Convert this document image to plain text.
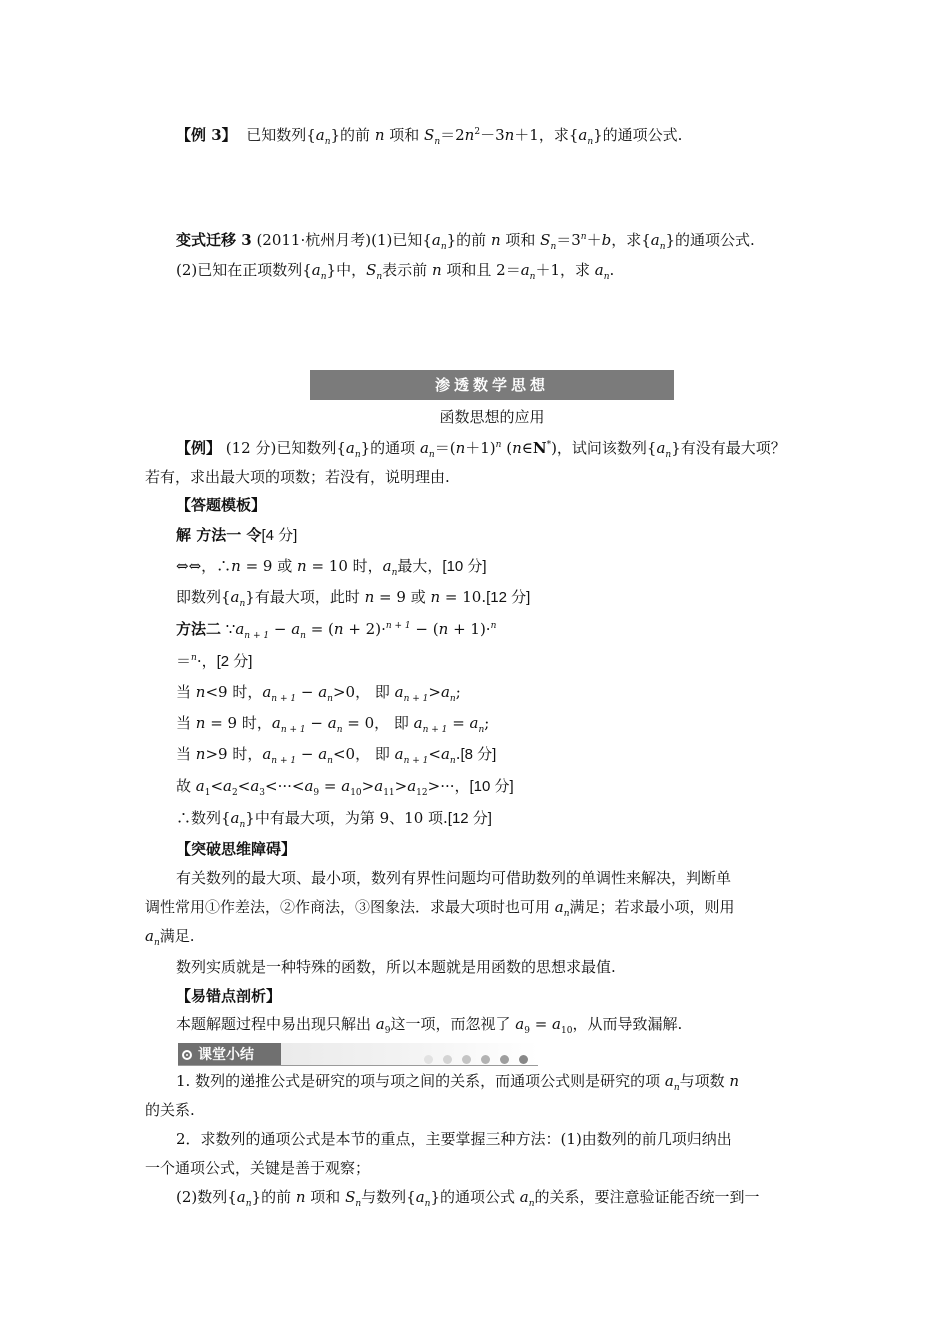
【例 3】 已知数列$\{a_n\}$的前 n 项和 $S_n=2n^2-3n+1$，求$\{a_n\}$的通项公式.
变式迁移 3 (2011·杭州月考)(1)已知$\{a_n\}$的前 n 项和 $S_n=3^n+b$，求$\{a_n\}$的通项公式.
(2)已知在正项数列$\{a_n\}$中，$S_n$表示前 n 项和且 $2=a_n+1$，求 $a_n$.
渗透数学思想
函数思想的应用
【例】 (12 分)已知数列$\{a_n\}$的通项 $a_n=(n+1)^n$ (n∈N*)，试问该数列$\{a_n\}$有没有最大项？
若有，求出最大项的项数；若没有，说明理由.
【答题模板】
解 方法一 令[4 分]
⇔⇔，∴n = 9 或 n = 10 时，$a_n$最大，[10 分]
即数列$\{a_n\}$有最大项，此时 n = 9 或 n = 10.[12 分]
方法二 $\because a_{n + 1} - a_n = (n + 2)\cdot^{n + 1} - (n + 1)\cdot^n$
＝$^n$·，[2 分]
当 n<9 时，$a_{n + 1} - a_n>0$， 即 $a_{n + 1}>a_n$;
当 n = 9 时，$a_{n + 1} - a_n = 0$， 即 $a_{n + 1} = a_n$;
当 n>9 时，$a_{n + 1} - a_n<0$， 即 $a_{n + 1}<a_n.[8$ 分]
故 $a_1<a_2<a_3<\cdot\cdot\cdot<a_9 = a_{10}>a_{11}>a_{12}>\cdot\cdot\cdot$，[10 分]
∴数列$\{a_n\}$中有最大项，为第 9、10 项.[12 分]
【突破思维障碍】
有关数列的最大项、最小项，数列有界性问题均可借助数列的单调性来解决，判断单
调性常用①作差法，②作商法，③图象法．求最大项时也可用 $a_n$满足；若求最小项，则用
$a_n$满足.
数列实质就是一种特殊的函数，所以本题就是用函数的思想求最值.
【易错点剖析】
本题解题过程中易出现只解出 $a_9$这一项，而忽视了 $a_9 = a_{10}$，从而导致漏解.
课堂小结
1. 数列的递推公式是研究的项与项之间的关系，而通项公式则是研究的项 $a_n$与项数 n
的关系.
2．求数列的通项公式是本节的重点，主要掌握三种方法：(1)由数列的前几项归纳出
一个通项公式，关键是善于观察；
(2)数列$\{a_n\}$的前 n 项和 $S_n$与数列$\{a_n\}$的通项公式 $a_n$的关系，要注意验证能否统一到一
